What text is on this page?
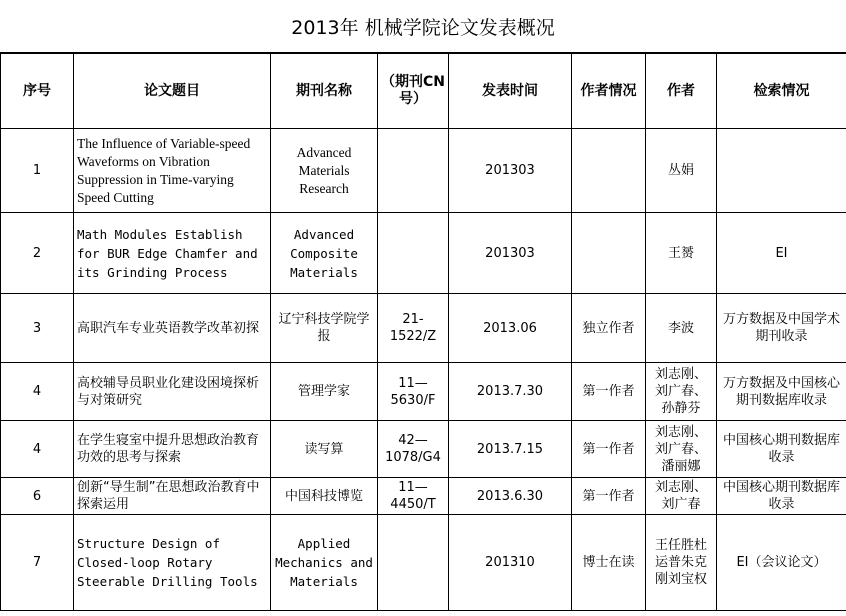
2013年 机械学院论文发表概况
序号	论文题目	期刊名称	（期刊CN号）	发表时间	作者情况	作者	检索情况
1	The Influence of Variable-speed Waveforms on Vibration Suppression in Time-varying Speed Cutting	Advanced Materials Research		201303		丛娟	
2	Math Modules Establish for BUR Edge Chamfer and its Grinding Process	Advanced Composite Materials		201303		王赟	EI
3	高职汽车专业英语教学改革初探	辽宁科技学院学报	21-1522/Z	2013.06	独立作者	李波	万方数据及中国学术期刊收录
4	高校辅导员职业化建设困境探析与对策研究	管理学家	11—5630/F	2013.7.30	第一作者	刘志刚、刘广春、孙静芬	万方数据及中国核心期刊数据库收录
4	在学生寝室中提升思想政治教育功效的思考与探索	读写算	42—1078/G4	2013.7.15	第一作者	刘志刚、刘广春、潘丽娜	中国核心期刊数据库收录
6	创新“导生制”在思想政治教育中探索运用	中国科技博览	11—4450/T	2013.6.30	第一作者	刘志刚、刘广春	中国核心期刊数据库收录
7	Structure Design of Closed-loop Rotary Steerable Drilling Tools	Applied Mechanics and Materials		201310	博士在读	王任胜杜运普朱克刚刘宝权	EI（会议论文）
